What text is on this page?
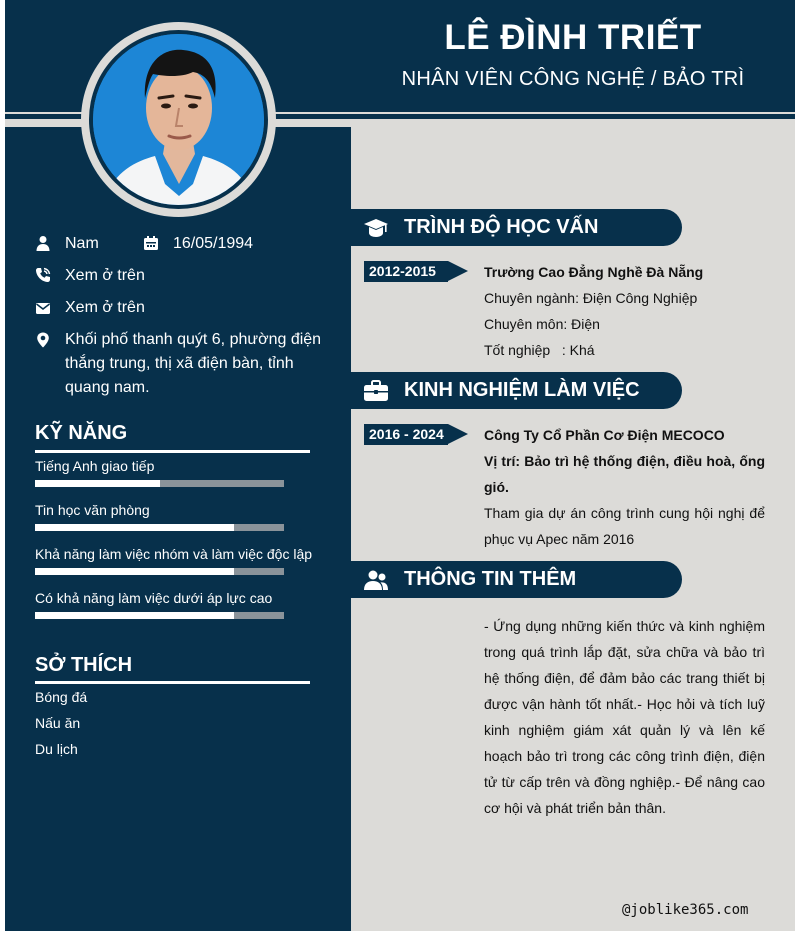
LÊ ĐÌNH TRIẾT
NHÂN VIÊN CÔNG NGHỆ / BẢO TRÌ
Nam	16/05/1994
Xem ở trên
Xem ở trên
Khối phố thanh quýt 6, phường điện thắng trung, thị xã điện bàn, tỉnh quang nam.
KỸ NĂNG
Tiếng Anh giao tiếp
Tin học văn phòng
Khả năng làm việc nhóm và làm việc độc lập
Có khả năng làm việc dưới áp lực cao
SỞ THÍCH
Bóng đá
Nấu ăn
Du lịch
TRÌNH ĐỘ HỌC VẤN
2012-2015	Trường Cao Đẳng Nghề Đà Nẵng

Chuyên ngành: Điện Công Nghiệp

Chuyên môn: Điện

Tốt nghiệp   : Khá

KINH NGHIỆM LÀM VIỆC
2016 - 2024	Công Ty Cổ Phần Cơ Điện MECOCO

Vị trí: Bảo trì hệ thống điện, điều hoà, ống gió.

Tham gia dự án công trình cung hội nghị để phục vụ Apec năm 2016

THÔNG TIN THÊM

- Ứng dụng những kiến thức và kinh nghiệm trong quá trình lắp đặt, sửa chữa và bảo trì hệ thống điện, để đảm bảo các trang thiết bị được vận hành tốt nhất.- Học hỏi và tích luỹ kinh nghiệm giám xát quản lý và lên kế hoạch bảo trì trong các công trình điện, điện tử từ cấp trên và đồng nghiệp.- Để nâng cao cơ hội và phát triển bản thân.

@joblike365.com
